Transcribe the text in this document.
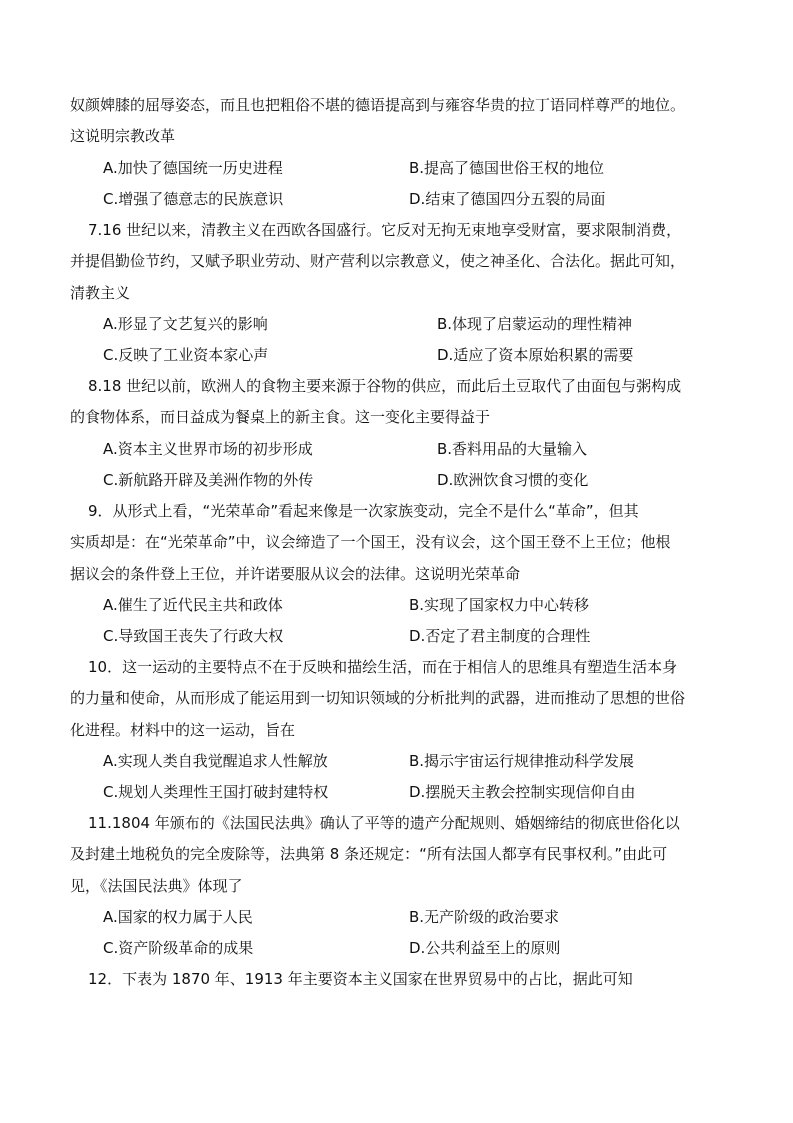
奴颜婢膝的屈辱姿态，而且也把粗俗不堪的德语提高到与雍容华贵的拉丁语同样尊严的地位。
这说明宗教改革
A.加快了德国统一历史进程	B.提高了德国世俗王权的地位
C.增强了德意志的民族意识	D.结束了德国四分五裂的局面
7.16 世纪以来，清教主义在西欧各国盛行。它反对无拘无束地享受财富，要求限制消费，
并提倡勤俭节约，又赋予职业劳动、财产营利以宗教意义，使之神圣化、合法化。据此可知，
清教主义
A.形显了文艺复兴的影响	B.体现了启蒙运动的理性精神
C.反映了工业资本家心声	D.适应了资本原始积累的需要
8.18 世纪以前，欧洲人的食物主要来源于谷物的供应，而此后土豆取代了由面包与粥构成
的食物体系，而日益成为餐桌上的新主食。这一变化主要得益于
A.资本主义世界市场的初步形成	B.香料用品的大量输入
C.新航路开辟及美洲作物的外传	D.欧洲饮食习惯的变化
9．从形式上看，“光荣革命”看起来像是一次家族变动，完全不是什么“革命”，但其
实质却是：在“光荣革命”中，议会缔造了一个国王，没有议会，这个国王登不上王位；他根
据议会的条件登上王位，并许诺要服从议会的法律。这说明光荣革命
A.催生了近代民主共和政体	B.实现了国家权力中心转移
C.导致国王丧失了行政大权	D.否定了君主制度的合理性
10．这一运动的主要特点不在于反映和描绘生活，而在于相信人的思维具有塑造生活本身
的力量和使命，从而形成了能运用到一切知识领域的分析批判的武器，进而推动了思想的世俗
化进程。材料中的这一运动，旨在
A.实现人类自我觉醒追求人性解放	B.揭示宇宙运行规律推动科学发展
C.规划人类理性王国打破封建特权	D.摆脱天主教会控制实现信仰自由
11.1804 年颁布的《法国民法典》确认了平等的遗产分配规则、婚姻缔结的彻底世俗化以
及封建土地税负的完全废除等，法典第 8 条还规定：“所有法国人都享有民事权利。”由此可
见，《法国民法典》体现了
A.国家的权力属于人民	B.无产阶级的政治要求
C.资产阶级革命的成果	D.公共利益至上的原则
12．下表为 1870 年、1913 年主要资本主义国家在世界贸易中的占比，据此可知
